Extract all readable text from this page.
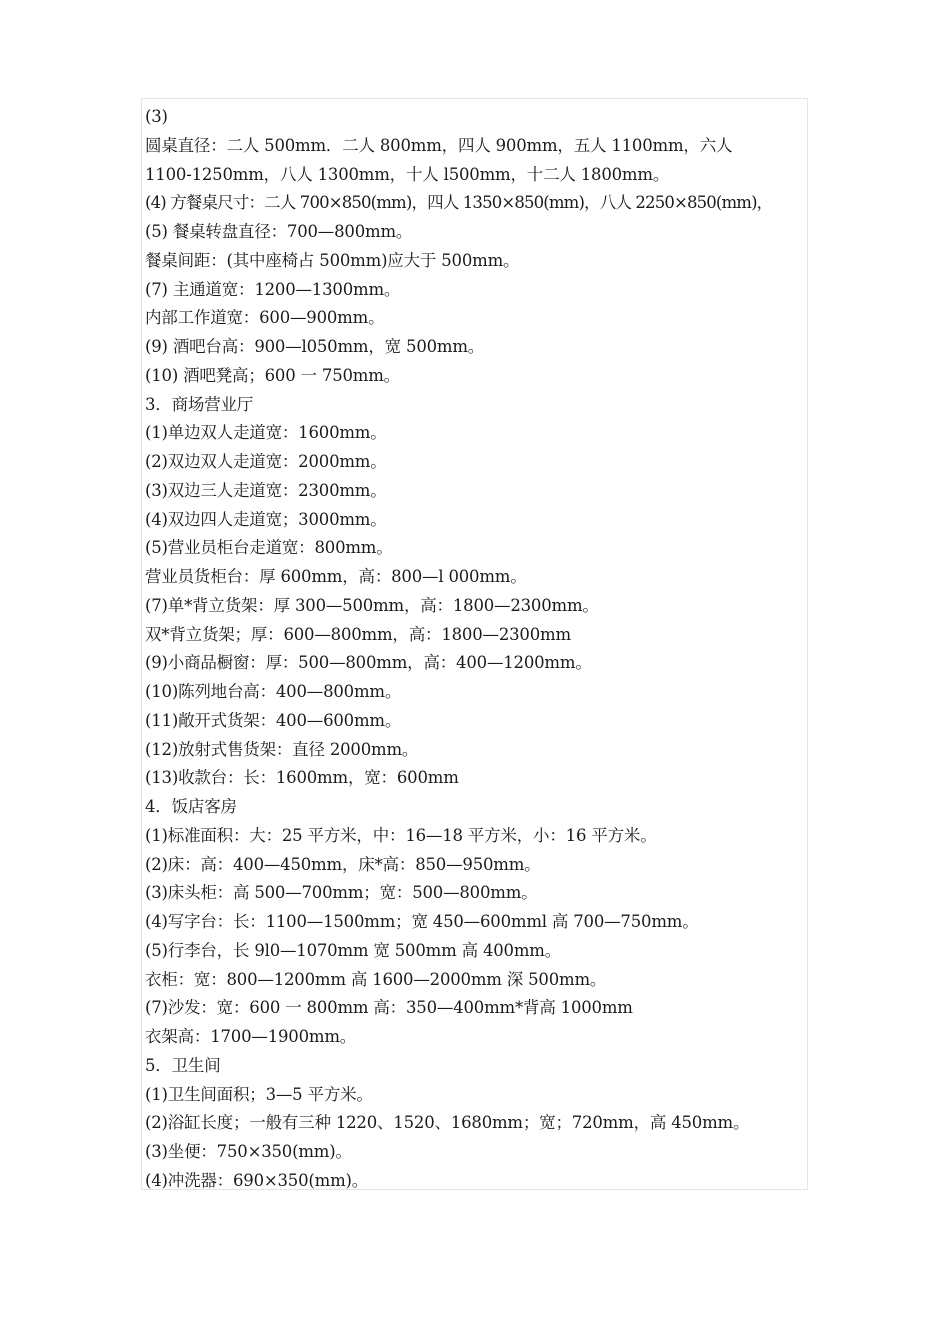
(3)
圆桌直径：二人 500mm．二人 800mm，四人 900mm，五人 1100mm，六人
1100-1250mm，八人 1300mm，十人 l500mm，十二人 1800mm。
(4) 方餐桌尺寸：二人 700×850(mm)，四人 1350×850(mm)，八人 2250×850(mm)，
(5) 餐桌转盘直径：700—800mm。
餐桌间距：(其中座椅占 500mm)应大于 500mm。
(7) 主通道宽：1200—1300mm。
内部工作道宽：600—900mm。
(9) 酒吧台高：900—l050mm，宽 500mm。
(10) 酒吧凳高；600 一 750mm。
3．商场营业厅
(1)单边双人走道宽：1600mm。
(2)双边双人走道宽：2000mm。
(3)双边三人走道宽：2300mm。
(4)双边四人走道宽；3000mm。
(5)营业员柜台走道宽：800mm。
营业员货柜台：厚 600mm，高：800—l 000mm。
(7)单*背立货架：厚 300—500mm，高：1800—2300mm。
双*背立货架；厚：600—800mm，高：1800—2300mm
(9)小商品橱窗：厚：500—800mm，高：400—1200mm。
(10)陈列地台高：400—800mm。
(11)敞开式货架：400—600mm。
(12)放射式售货架：直径 2000mm。
(13)收款台：长：1600mm，宽：600mm
4．饭店客房
(1)标准面积：大：25 平方米，中：16—18 平方米，小：16 平方米。
(2)床：高：400—450mm，床*高：850—950mm。
(3)床头柜：高 500—700mm；宽：500—800mm。
(4)写字台：长：1100—1500mm；宽 450—600mml 高 700—750mm。
(5)行李台，长 9l0—1070mm 宽 500mm 高 400mm。
衣柜：宽：800—1200mm 高 1600—2000mm 深 500mm。
(7)沙发：宽：600 一 800mm 高：350—400mm*背高 1000mm
衣架高：1700—1900mm。
5．卫生间
(1)卫生间面积；3—5 平方米。
(2)浴缸长度；一般有三种 1220、1520、1680mm；宽；720mm，高 450mm。
(3)坐便：750×350(mm)。
(4)冲洗器：690×350(mm)。
